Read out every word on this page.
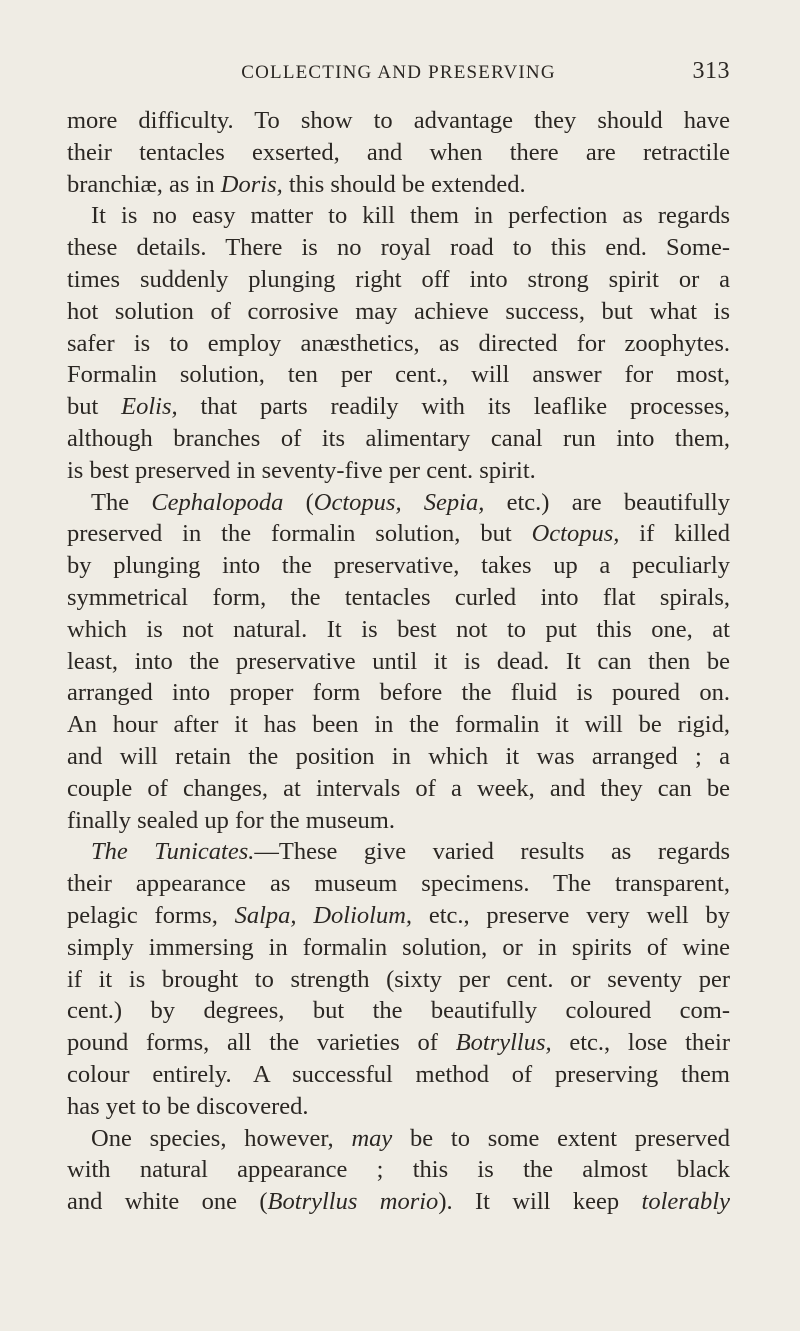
COLLECTING AND PRESERVING	313
more difficulty. To show to advantage they should have
their tentacles exserted, and when there are retractile
branchiæ, as in Doris, this should be extended.
It is no easy matter to kill them in perfection as regards
these details. There is no royal road to this end. Some-
times suddenly plunging right off into strong spirit or a
hot solution of corrosive may achieve success, but what is
safer is to employ anæsthetics, as directed for zoophytes.
Formalin solution, ten per cent., will answer for most,
but Eolis, that parts readily with its leaflike processes,
although branches of its alimentary canal run into them,
is best preserved in seventy-five per cent. spirit.
The Cephalopoda (Octopus, Sepia, etc.) are beautifully
preserved in the formalin solution, but Octopus, if killed
by plunging into the preservative, takes up a peculiarly
symmetrical form, the tentacles curled into flat spirals,
which is not natural. It is best not to put this one, at
least, into the preservative until it is dead. It can then be
arranged into proper form before the fluid is poured on.
An hour after it has been in the formalin it will be rigid,
and will retain the position in which it was arranged ; a
couple of changes, at intervals of a week, and they can be
finally sealed up for the museum.
The Tunicates.—These give varied results as regards
their appearance as museum specimens. The transparent,
pelagic forms, Salpa, Doliolum, etc., preserve very well by
simply immersing in formalin solution, or in spirits of wine
if it is brought to strength (sixty per cent. or seventy per
cent.) by degrees, but the beautifully coloured com-
pound forms, all the varieties of Botryllus, etc., lose their
colour entirely. A successful method of preserving them
has yet to be discovered.
One species, however, may be to some extent preserved
with natural appearance ; this is the almost black
and white one (Botryllus morio). It will keep tolerably
